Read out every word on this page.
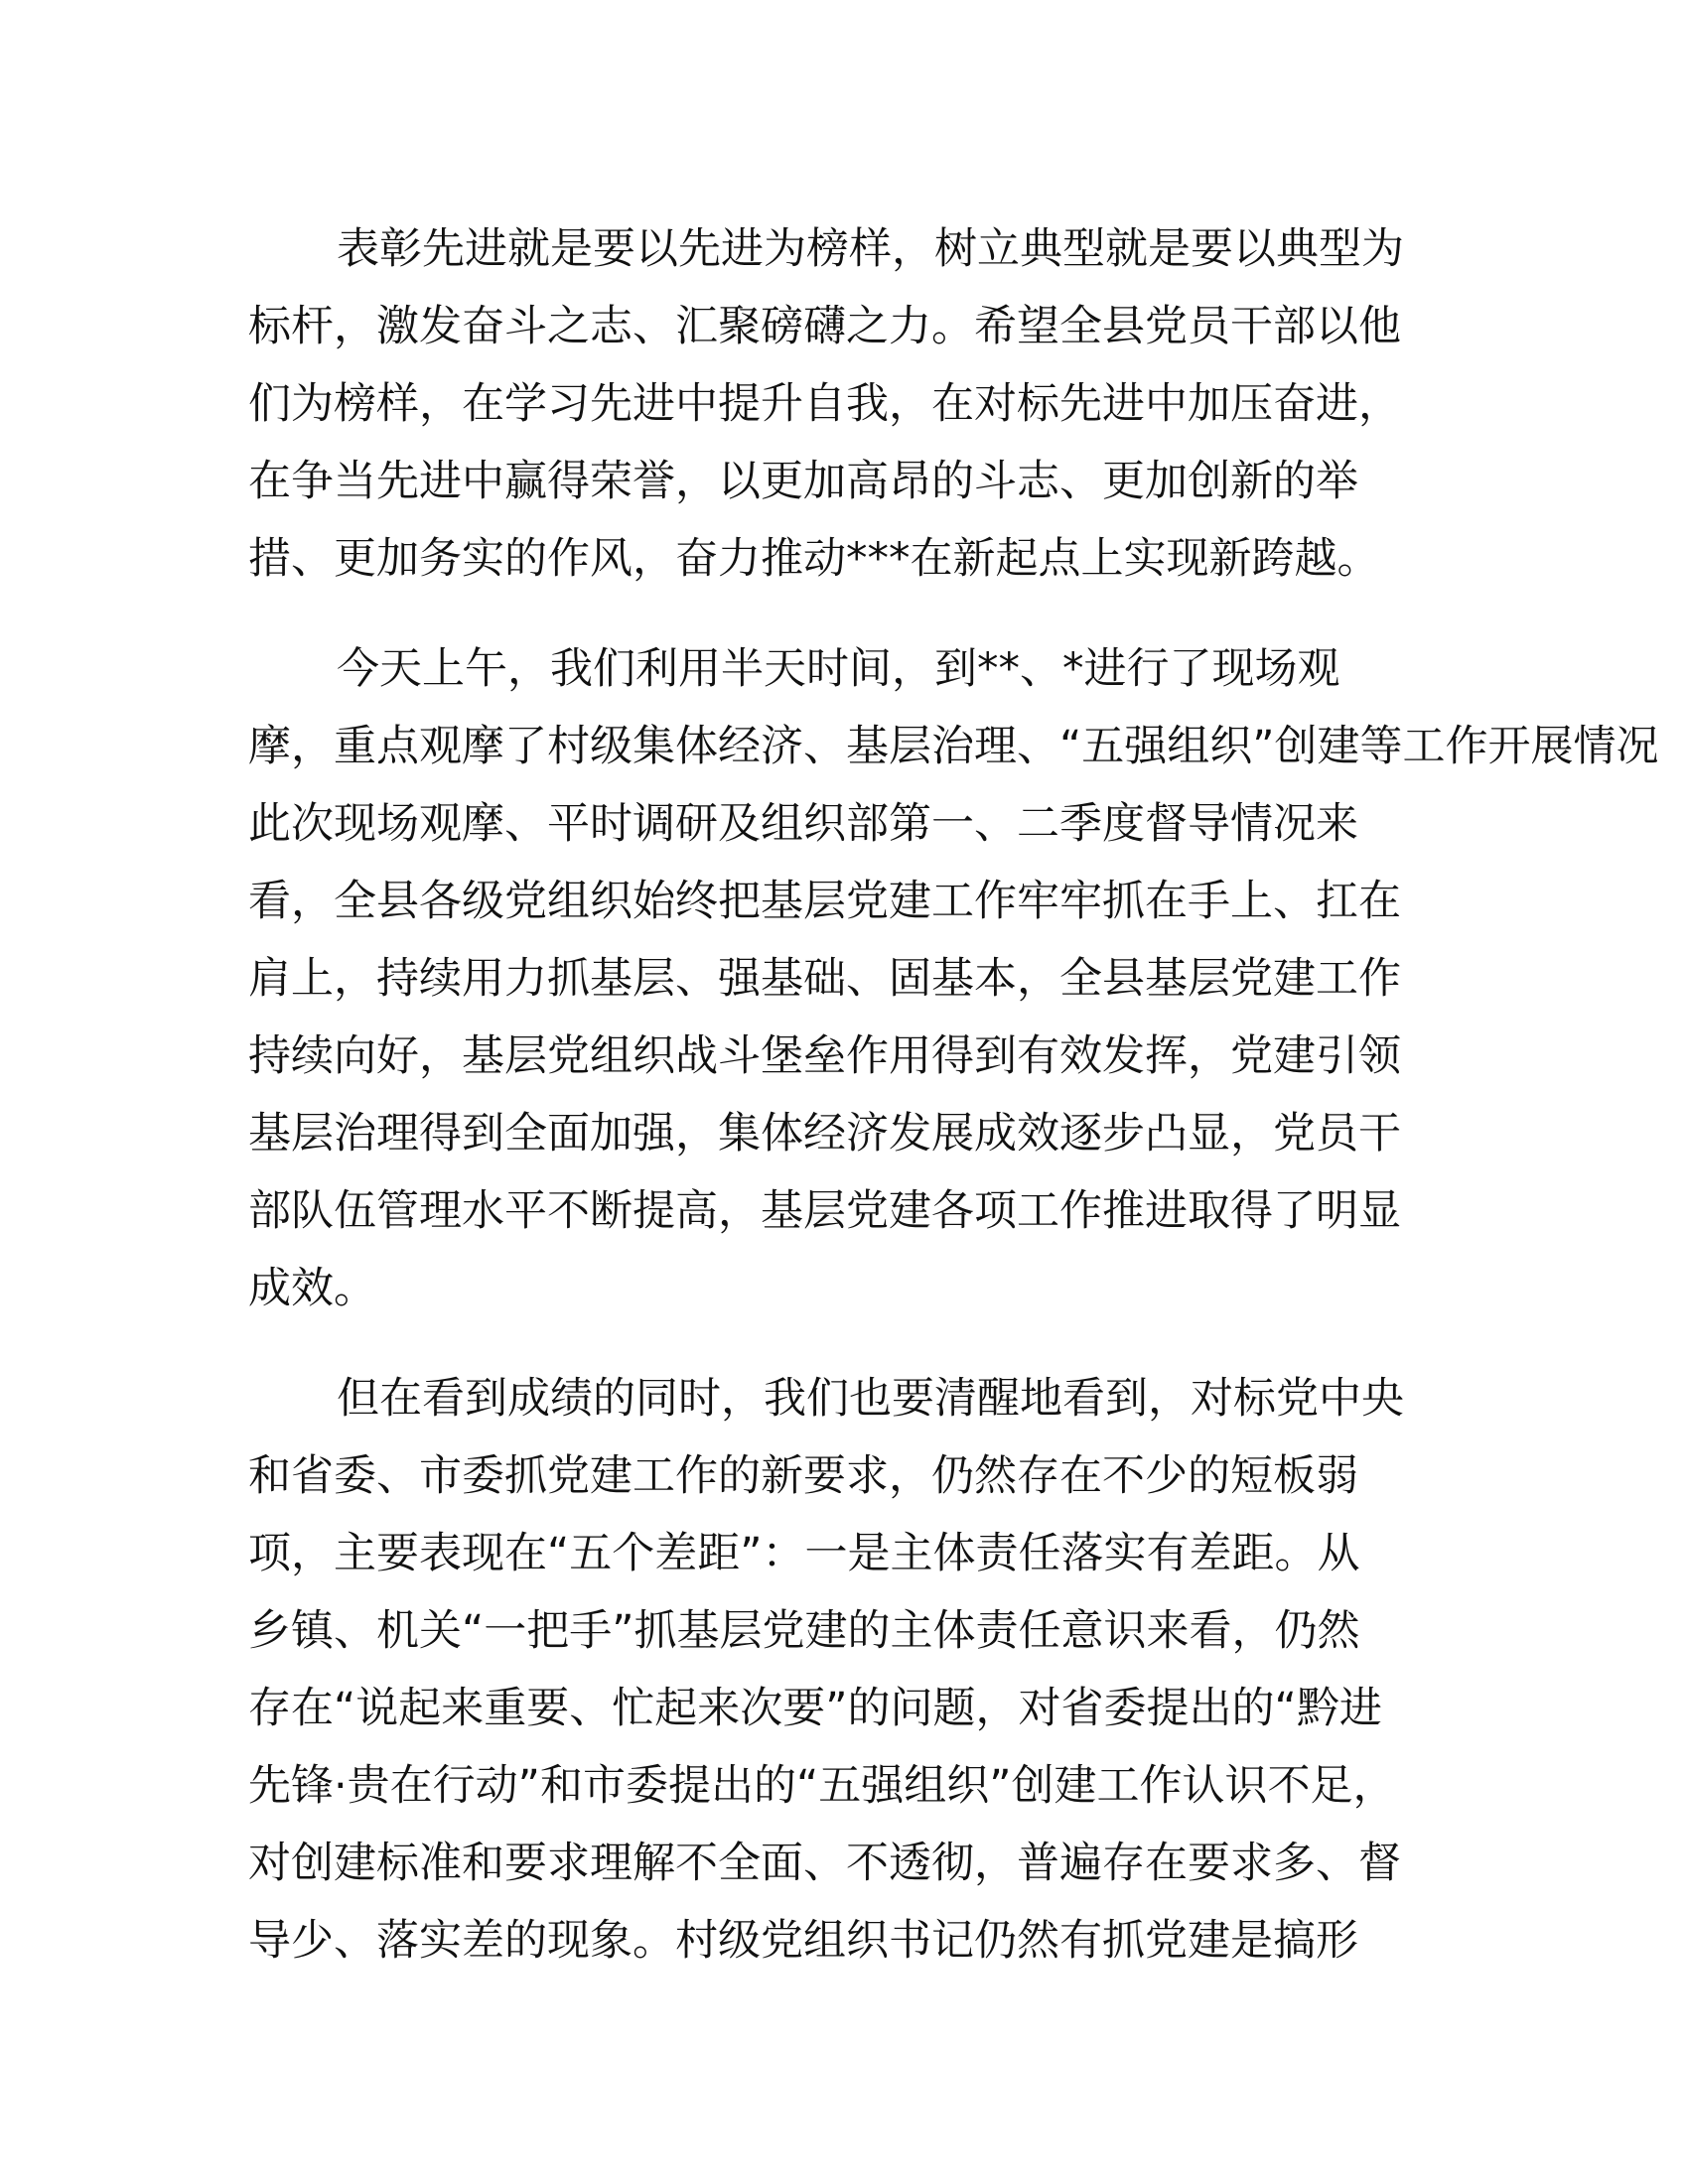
表彰先进就是要以先进为榜样，树立典型就是要以典型为
标杆，激发奋斗之志、汇聚磅礴之力。希望全县党员干部以他
们为榜样，在学习先进中提升自我，在对标先进中加压奋进，
在争当先进中赢得荣誉，以更加高昂的斗志、更加创新的举
措、更加务实的作风，奋力推动***在新起点上实现新跨越。
今天上午，我们利用半天时间，到**、*进行了现场观
摩，重点观摩了村级集体经济、基层治理、“五强组织”创建等工作开展情况
此次现场观摩、平时调研及组织部第一、二季度督导情况来
看，全县各级党组织始终把基层党建工作牢牢抓在手上、扛在
肩上，持续用力抓基层、强基础、固基本，全县基层党建工作
持续向好，基层党组织战斗堡垒作用得到有效发挥，党建引领
基层治理得到全面加强，集体经济发展成效逐步凸显，党员干
部队伍管理水平不断提高，基层党建各项工作推进取得了明显
成效。
但在看到成绩的同时，我们也要清醒地看到，对标党中央
和省委、市委抓党建工作的新要求，仍然存在不少的短板弱
项，主要表现在“五个差距”：一是主体责任落实有差距。从
乡镇、机关“一把手”抓基层党建的主体责任意识来看，仍然
存在“说起来重要、忙起来次要”的问题，对省委提出的“黔进
先锋·贵在行动”和市委提出的“五强组织”创建工作认识不足，
对创建标准和要求理解不全面、不透彻，普遍存在要求多、督
导少、落实差的现象。村级党组织书记仍然有抓党建是搞形
